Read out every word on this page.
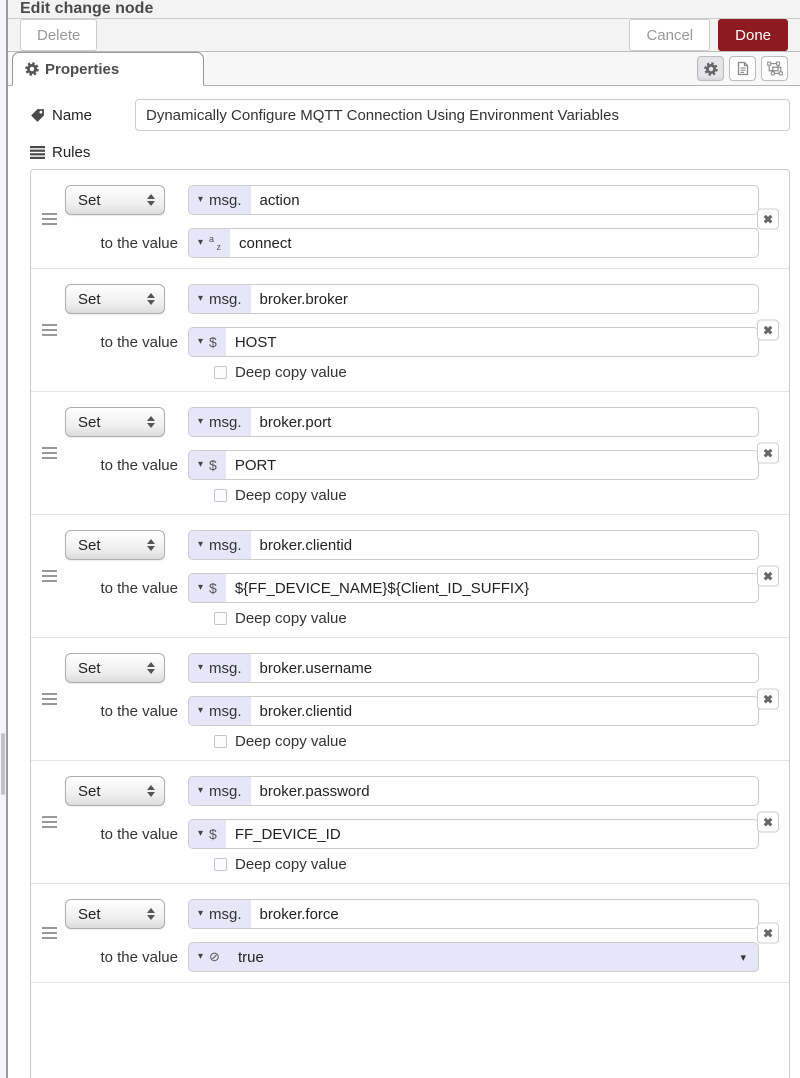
Edit change node
Delete	Cancel	Done
Properties
Name
Dynamically Configure MQTT Connection Using Environment Variables
Rules
✖
Set	▾ msg.	action
to the value ▾ a
z	connect
✖
Set	▾ msg.	broker.broker
to the value ▾ $	HOST
Deep copy value
✖
Set	▾ msg.	broker.port
to the value ▾ $	PORT
Deep copy value
✖
Set	▾ msg.	broker.clientid
to the value ▾ $	${FF_DEVICE_NAME}${Client_ID_SUFFIX}
Deep copy value
✖
Set	▾ msg.	broker.username
to the value ▾ msg.	broker.clientid
Deep copy value
✖
Set	▾ msg.	broker.password
to the value ▾ $	FF_DEVICE_ID
Deep copy value
✖
Set	▾ msg.	broker.force
to the value ▾ ⊘	true	▾
